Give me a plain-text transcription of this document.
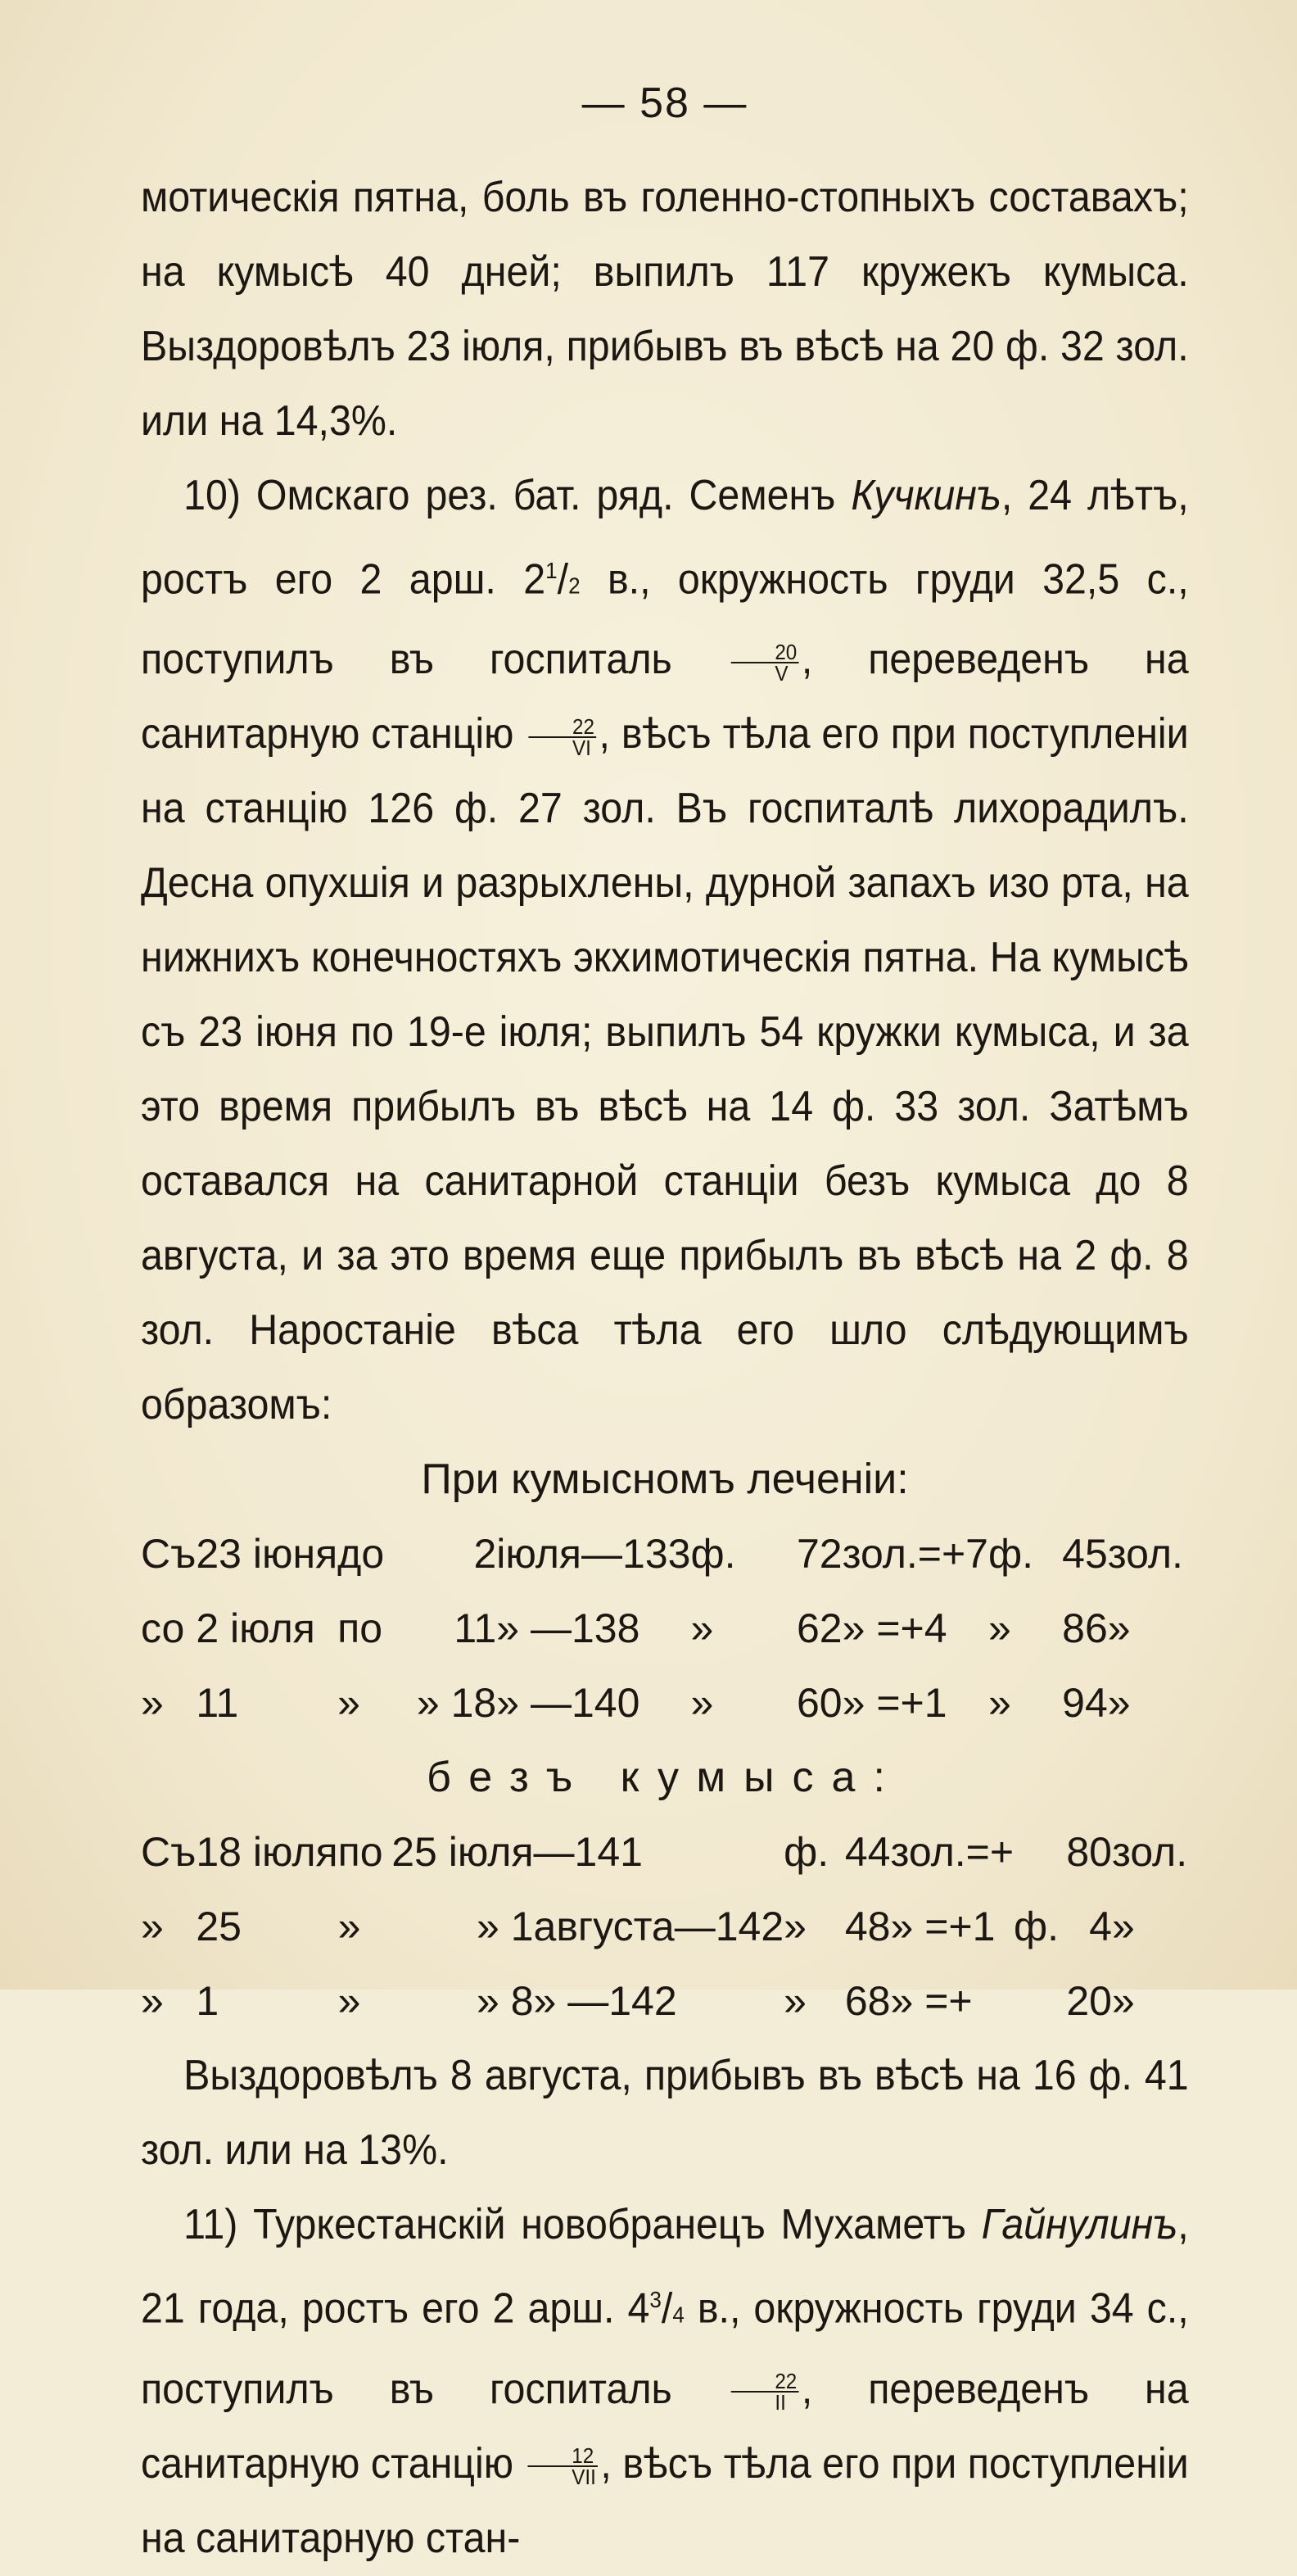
— 58 —

мотическія пятна, боль въ голенно-стопныхъ составахъ; на кумысѣ 40 дней; выпилъ 117 кружекъ кумыса. Выздоровѣлъ 23 іюля, прибывъ въ вѣсѣ на 20 ф. 32 зол. или на 14,3%.

10) Омскаго рез. бат. ряд. Семенъ Кучкинъ, 24 лѣтъ, ростъ его 2 арш. $2^1/2$ в., окружность груди 32,5 с., поступилъ въ госпиталь $\frac{20}{V}$ , переведенъ на санитарную станцію $\frac{22}{VI}$ , вѣсъ тѣла его при поступленіи на станцію 126 ф. 27 зол. Въ госпиталѣ лихорадилъ. Десна опухшія и разрыхлены, дурной запахъ изо рта, на нижнихъ конечностяхъ экхимотическія пятна. На кумысѣ съ 23 іюня по 19-е іюля; выпилъ 54 кружки кумыса, и за это время прибылъ въ вѣсѣ на 14 ф. 33 зол. Затѣмъ оставался на санитарной станціи безъ кумыса до 8 августа, и за это время еще прибылъ въ вѣсѣ на 2 ф. 8 зол. Наростаніе вѣса тѣла его шло слѣдующимъ образомъ:

При кумысномъ леченіи:

Съ	23 іюня	до	2	іюля—133	ф.	72	зол.=+7	ф.	45	зол.
со	2 іюля	по	11	» —138	»	62	» =+4	»	86	»
»	11	»	» 18	» —140	»	60	» =+1	»	94	»

безъ кумыса:

Съ	18 іюля	по	25 іюля	—141	ф.	44	зол.=+		80	зол.
»	25	»	» 1	августа—142	»	48	» =+1	ф.	4	»
»	1	»	» 8	» —142	»	68	» =+		20	»

Выздоровѣлъ 8 августа, прибывъ въ вѣсѣ на 16 ф. 41 зол. или на 13%.

11) Туркестанскій новобранецъ Мухаметъ Гайнулинъ, 21 года, ростъ его 2 арш. $4^3/4$ в., окружность груди 34 с., поступилъ въ госпиталь $\frac{22}{II}$ , переведенъ на санитарную станцію $\frac{12}{\text{VII}}$ , вѣсъ тѣла его при поступленіи на санитарную стан-
